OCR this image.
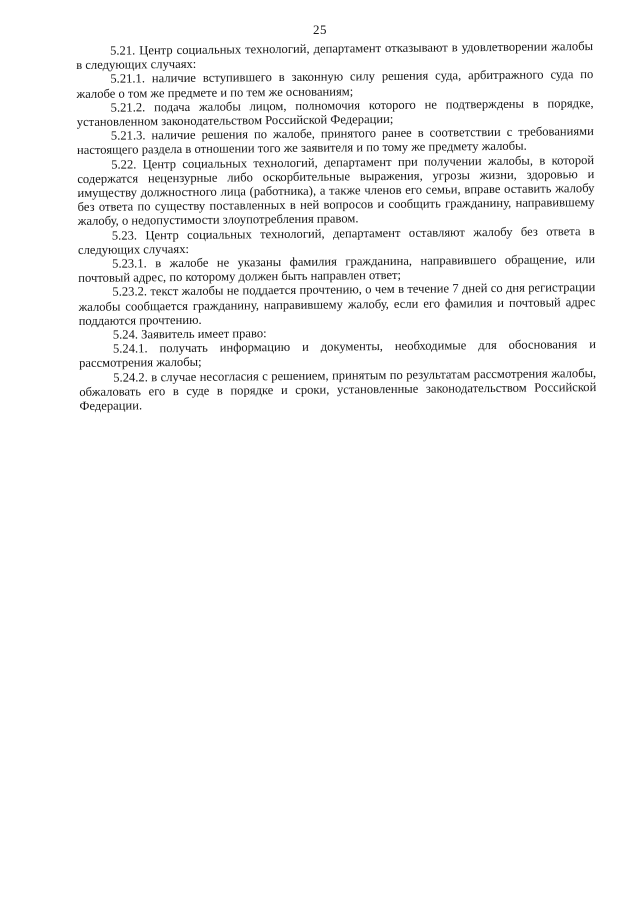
25

5.21. Центр социальных технологий, департамент отказывают в удовлетворении жалобы в следующих случаях:

5.21.1. наличие вступившего в законную силу решения суда, арбитражного суда по жалобе о том же предмете и по тем же основаниям;

5.21.2. подача жалобы лицом, полномочия которого не подтверждены в порядке, установленном законодательством Российской Федерации;

5.21.3. наличие решения по жалобе, принятого ранее в соответствии с требованиями настоящего раздела в отношении того же заявителя и по тому же предмету жалобы.

5.22. Центр социальных технологий, департамент при получении жалобы, в которой содержатся нецензурные либо оскорбительные выражения, угрозы жизни, здоровью и имуществу должностного лица (работника), а также членов его семьи, вправе оставить жалобу без ответа по существу поставленных в ней вопросов и сообщить гражданину, направившему жалобу, о недопустимости злоупотребления правом.

5.23. Центр социальных технологий, департамент оставляют жалобу без ответа в следующих случаях:

5.23.1. в жалобе не указаны фамилия гражданина, направившего обращение, или почтовый адрес, по которому должен быть направлен ответ;

5.23.2. текст жалобы не поддается прочтению, о чем в течение 7 дней со дня регистрации жалобы сообщается гражданину, направившему жалобу, если его фамилия и почтовый адрес поддаются прочтению.

5.24. Заявитель имеет право:

5.24.1. получать информацию и документы, необходимые для обоснования и рассмотрения жалобы;

5.24.2. в случае несогласия с решением, принятым по результатам рассмотрения жалобы, обжаловать его в суде в порядке и сроки, установленные законодательством Российской Федерации.
